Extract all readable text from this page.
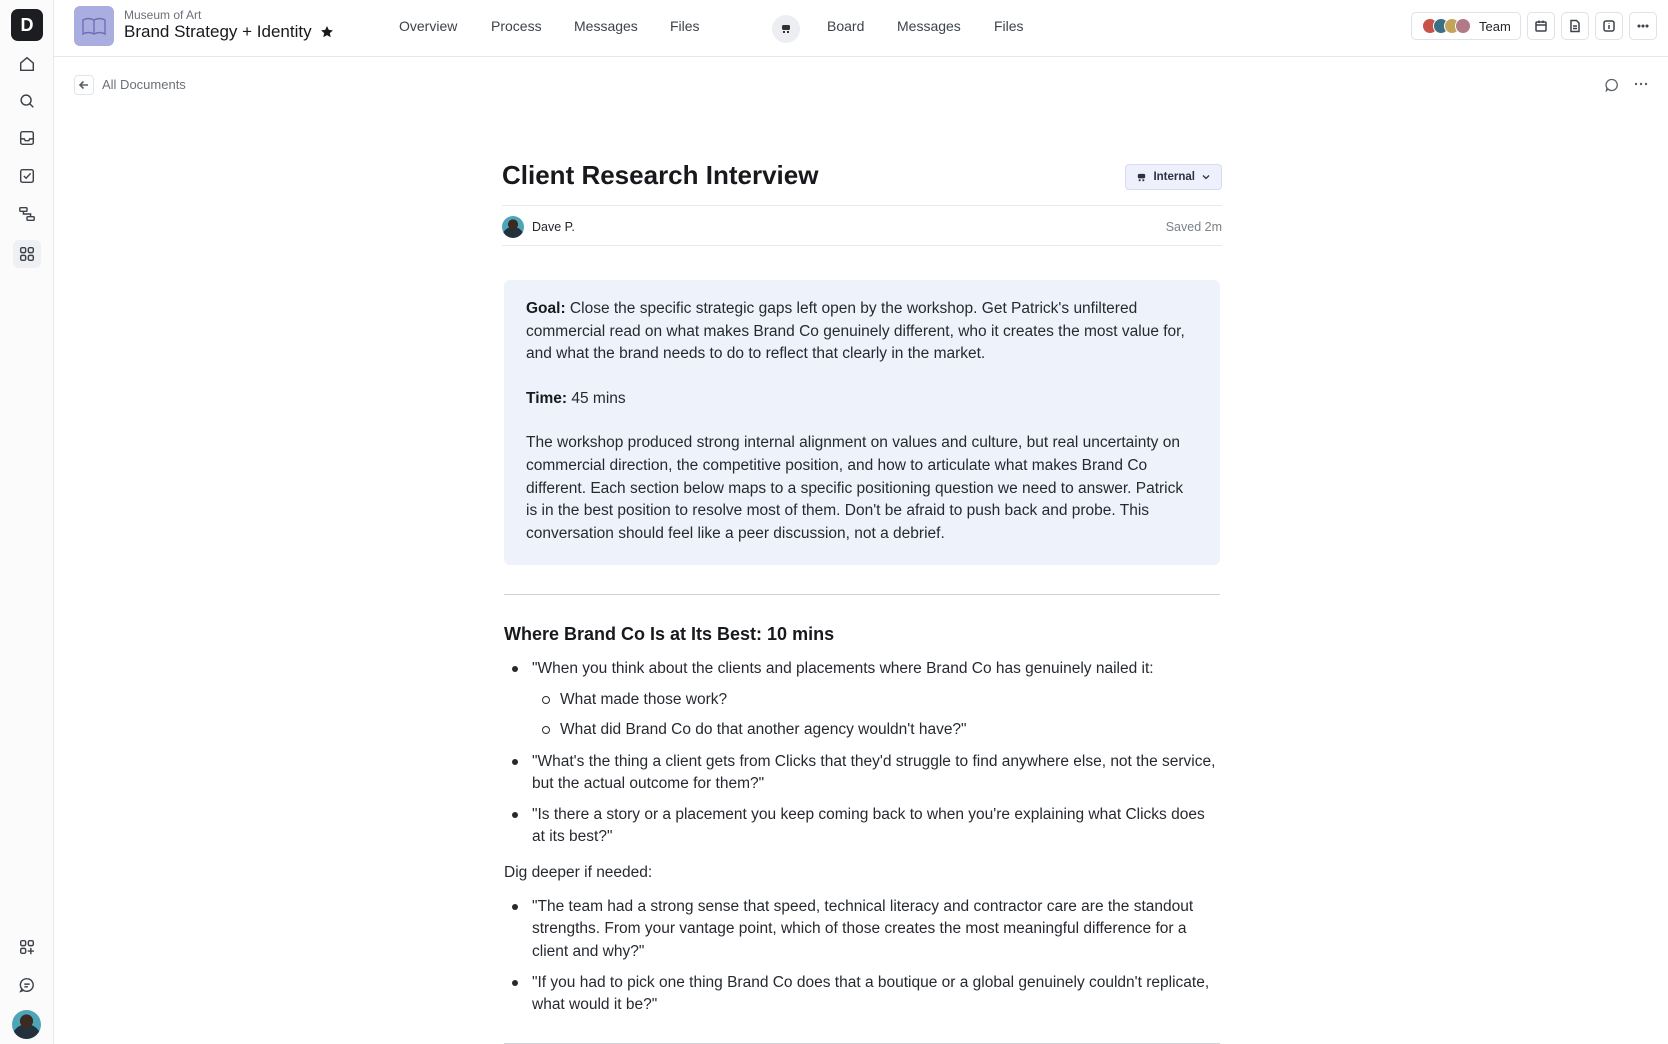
D	Museum of Art
Brand Strategy + Identity	Overview Process Messages Files	Board Messages Files	Team
All Documents
Client Research Interview	Internal
Dave P.	Saved 2m

Goal: Close the specific strategic gaps left open by the workshop. Get Patrick's unfiltered commercial read on what makes Brand Co genuinely different, who it creates the most value for, and what the brand needs to do to reflect that clearly in the market.

Time: 45 mins

The workshop produced strong internal alignment on values and culture, but real uncertainty on commercial direction, the competitive position, and how to articulate what makes Brand Co different. Each section below maps to a specific positioning question we need to answer. Patrick is in the best position to resolve most of them. Don't be afraid to push back and probe. This conversation should feel like a peer discussion, not a debrief.

Where Brand Co Is at Its Best: 10 mins
"When you think about the clients and placements where Brand Co has genuinely nailed it:
What made those work?
What did Brand Co do that another agency wouldn't have?"
"What's the thing a client gets from Clicks that they'd struggle to find anywhere else, not the service, but the actual outcome for them?"
"Is there a story or a placement you keep coming back to when you're explaining what Clicks does at its best?"
Dig deeper if needed:
"The team had a strong sense that speed, technical literacy and contractor care are the standout strengths. From your vantage point, which of those creates the most meaningful difference for a client and why?"
"If you had to pick one thing Brand Co does that a boutique or a global genuinely couldn't replicate, what would it be?"
